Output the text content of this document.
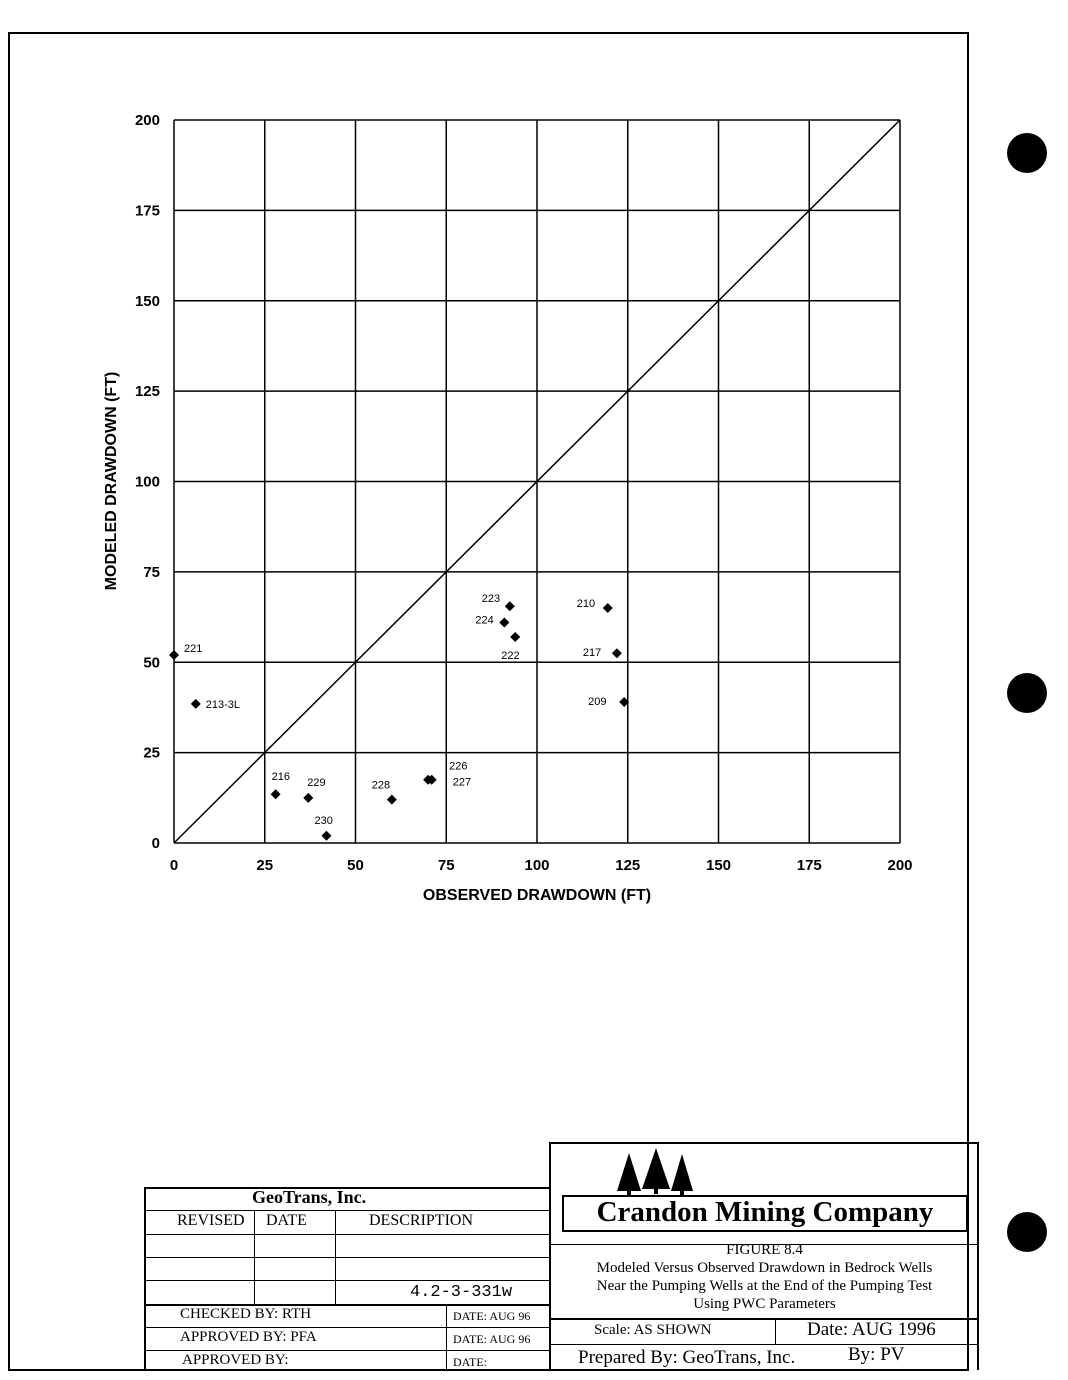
0	25	50	75	100	125	150	175	200
0
25
50
75
100
125
150
175
200
221
213-3L
216 229
230
228
226
227
223
224
222
210
217
209
OBSERVED DRAWDOWN (FT)
MODELED DRAWDOWN (FT)
GeoTrans, Inc.
REVISED DATE	DESCRIPTION
4.2-3-331w
CHECKED BY: RTH	DATE: AUG 96
APPROVED BY: PFA	DATE: AUG 96
APPROVED BY:	DATE:
Crandon Mining Company
FIGURE 8.4
Modeled Versus Observed Drawdown in Bedrock Wells
Near the Pumping Wells at the End of the Pumping Test
Using PWC Parameters
Scale: AS SHOWN	Date: AUG 1996
Prepared By: GeoTrans, Inc.	By: PV
